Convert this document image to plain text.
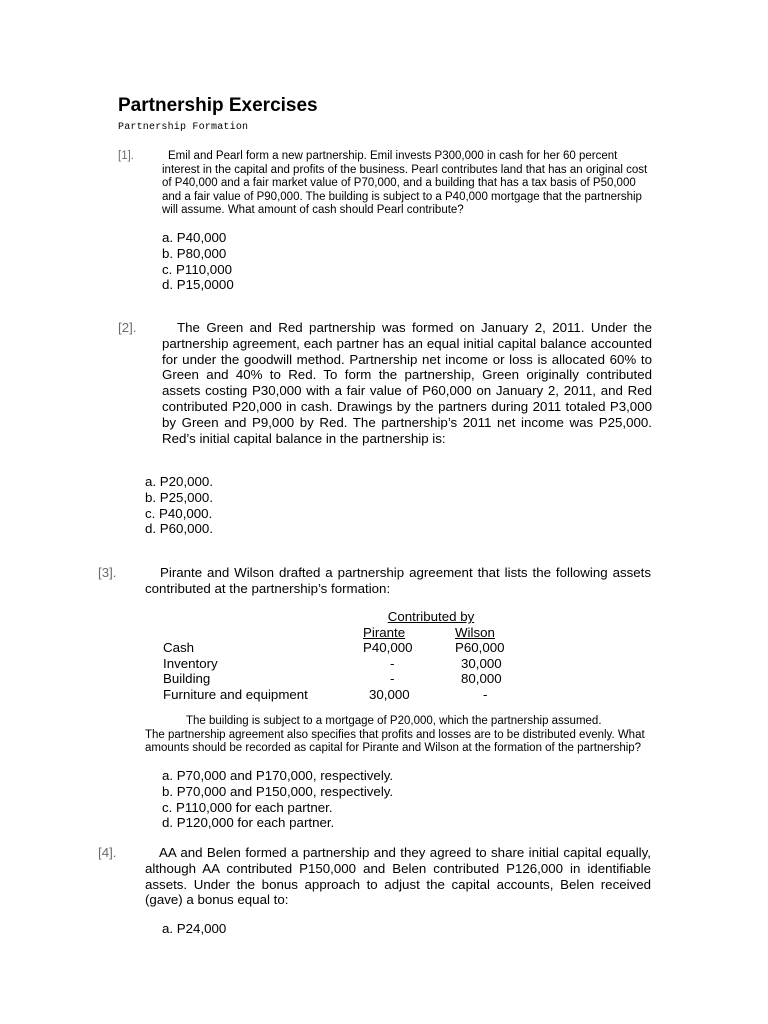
Partnership Exercises
Partnership Formation
[1].	Emil and Pearl form a new partnership. Emil invests P300,000 in cash for her 60 percent
interest in the capital and profits of the business. Pearl contributes land that has an original cost of P40,000 and a fair market value of P70,000, and a building that has a tax basis of P50,000 and a fair value of P90,000. The building is subject to a P40,000 mortgage that the partnership will assume. What amount of cash should Pearl contribute?
a. P40,000
b. P80,000
c. P110,000
d. P15,0000
[2].	The Green and Red partnership was formed on January 2, 2011. Under the partnership agreement, each partner has an equal initial capital balance accounted for under the goodwill method. Partnership net income or loss is allocated 60% to Green and 40% to Red. To form the partnership, Green originally contributed assets costing P30,000 with a fair value of P60,000 on January 2, 2011, and Red contributed P20,000 in cash. Drawings by the partners during 2011 totaled P3,000 by Green and P9,000 by Red. The partnership’s 2011 net income was P25,000. Red’s initial capital balance in the partnership is:
a. P20,000.
b. P25,000.
c. P40,000.
d. P60,000.
[3].	Pirante and Wilson drafted a partnership agreement that lists the following assets contributed at the partnership’s formation:
	Contributed by	
	Pirante	Wilson
Cash	P40,000	P60,000
Inventory	-	30,000
Building	-	80,000
Furniture and equipment	30,000	-
The building is subject to a mortgage of P20,000, which the partnership assumed.
The partnership agreement also specifies that profits and losses are to be distributed evenly. What amounts should be recorded as capital for Pirante and Wilson at the formation of the partnership?
a. P70,000 and P170,000, respectively.
b. P70,000 and P150,000, respectively.
c. P110,000 for each partner.
d. P120,000 for each partner.
[4].	AA and Belen formed a partnership and they agreed to share initial capital equally, although AA contributed P150,000 and Belen contributed P126,000 in identifiable assets. Under the bonus approach to adjust the capital accounts, Belen received (gave) a bonus equal to:
a. P24,000
